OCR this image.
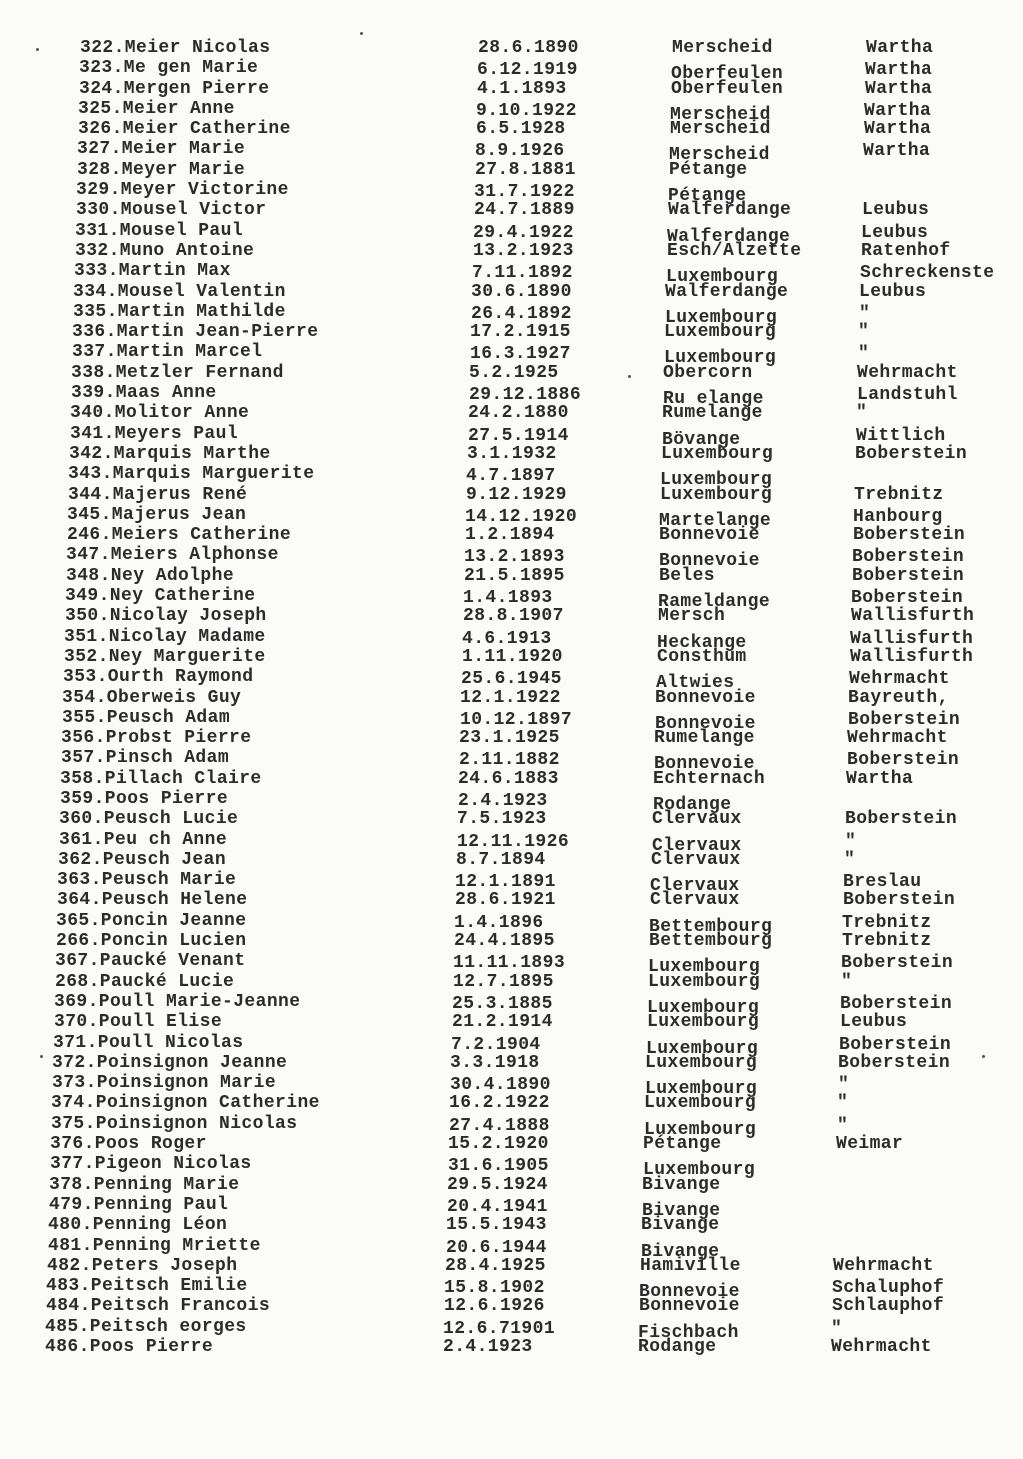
322.Meier Nicolas	28.6.1890	Merscheid	Wartha
323.Me gen Marie	6.12.1919	Oberfeulen	Wartha
324.Mergen Pierre	4.1.1893	Oberfeulen	Wartha
325.Meier Anne	9.10.1922	Merscheid	Wartha
326.Meier Catherine	6.5.1928	Merscheid	Wartha
327.Meier Marie	8.9.1926	Merscheid	Wartha
328.Meyer Marie	27.8.1881	Pétange
329.Meyer Victorine	31.7.1922	Pétange
330.Mousel Victor	24.7.1889	Walferdange	Leubus
331.Mousel Paul	29.4.1922	Walferdange	Leubus
332.Muno Antoine	13.2.1923	Esch/Alzette	Ratenhof
333.Martin Max	7.11.1892	Luxembourg	Schreckenste
334.Mousel Valentin	30.6.1890	Walferdange	Leubus
335.Martin Mathilde	26.4.1892	Luxembourg	"
336.Martin Jean-Pierre	17.2.1915	Luxembourg	"
337.Martin Marcel	16.3.1927	Luxembourg	"
338.Metzler Fernand	5.2.1925	Obercorn	Wehrmacht
339.Maas Anne	29.12.1886	Ru elange	Landstuhl
340.Molitor Anne	24.2.1880	Rumelange	"
341.Meyers Paul	27.5.1914	Bövange	Wittlich
342.Marquis Marthe	3.1.1932	Luxembourg	Boberstein
343.Marquis Marguerite	4.7.1897	Luxembourg
344.Majerus René	9.12.1929	Luxembourg	Trebnitz
345.Majerus Jean	14.12.1920	Martelange	Hanbourg
246.Meiers Catherine	1.2.1894	Bonnevoie	Boberstein
347.Meiers Alphonse	13.2.1893	Bonnevoie	Boberstein
348.Ney Adolphe	21.5.1895	Beles	Boberstein
349.Ney Catherine	1.4.1893	Rameldange	Boberstein
350.Nicolay Joseph	28.8.1907	Mersch	Wallisfurth
351.Nicolay Madame	4.6.1913	Heckange	Wallisfurth
352.Ney Marguerite	1.11.1920	Consthum	Wallisfurth
353.Ourth Raymond	25.6.1945	Altwies	Wehrmacht
354.Oberweis Guy	12.1.1922	Bonnevoie	Bayreuth,
355.Peusch Adam	10.12.1897	Bonnevoie	Boberstein
356.Probst Pierre	23.1.1925	Rumelange	Wehrmacht
357.Pinsch Adam	2.11.1882	Bonnevoie	Boberstein
358.Pillach Claire	24.6.1883	Echternach	Wartha
359.Poos Pierre	2.4.1923	Rodange
360.Peusch Lucie	7.5.1923	Clervaux	Boberstein
361.Peu ch Anne	12.11.1926	Clervaux	"
362.Peusch Jean	8.7.1894	Clervaux	"
363.Peusch Marie	12.1.1891	Clervaux	Breslau
364.Peusch Helene	28.6.1921	Clervaux	Boberstein
365.Poncin Jeanne	1.4.1896	Bettembourg	Trebnitz
266.Poncin Lucien	24.4.1895	Bettembourg	Trebnitz
367.Paucké Venant	11.11.1893	Luxembourg	Boberstein
268.Paucké Lucie	12.7.1895	Luxembourg	"
369.Poull Marie-Jeanne	25.3.1885	Luxembourg	Boberstein
370.Poull Elise	21.2.1914	Luxembourg	Leubus
371.Poull Nicolas	7.2.1904	Luxembourg	Boberstein
372.Poinsignon Jeanne	3.3.1918	Luxembourg	Boberstein
373.Poinsignon Marie	30.4.1890	Luxembourg	"
374.Poinsignon Catherine	16.2.1922	Luxembourg	"
375.Poinsignon Nicolas	27.4.1888	Luxembourg	"
376.Poos Roger	15.2.1920	Pétange	Weimar
377.Pigeon Nicolas	31.6.1905	Luxembourg
378.Penning Marie	29.5.1924	Bivange
479.Penning Paul	20.4.1941	Bivange
480.Penning Léon	15.5.1943	Bivange
481.Penning Mriette	20.6.1944	Bivange
482.Peters Joseph	28.4.1925	Hamiville	Wehrmacht
483.Peitsch Emilie	15.8.1902	Bonnevoie	Schaluphof
484.Peitsch Francois	12.6.1926	Bonnevoie	Schlauphof
485.Peitsch eorges	12.6.71901	Fischbach	"
486.Poos Pierre	2.4.1923	Rodange	Wehrmacht
